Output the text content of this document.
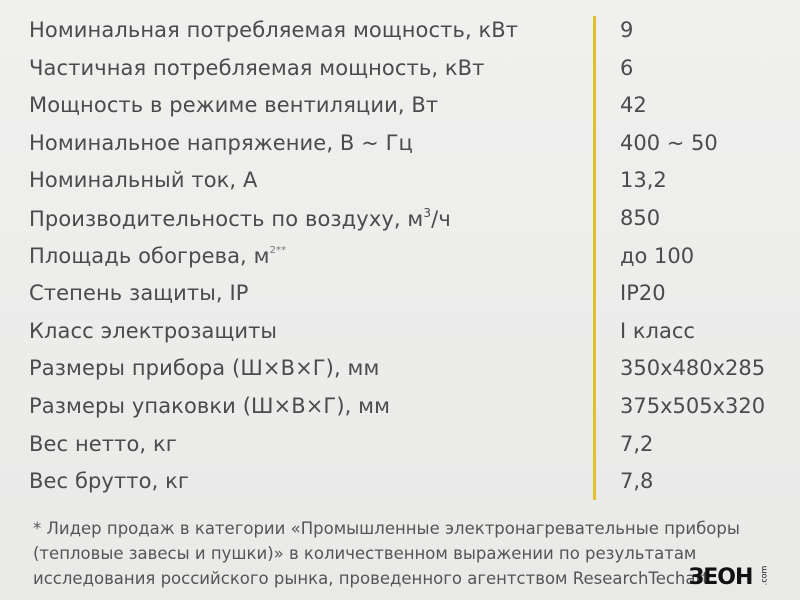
Номинальная потребляемая мощность, кВт	9
Частичная потребляемая мощность, кВт	6
Мощность в режиме вентиляции, Вт	42
Номинальное напряжение, В ~ Гц	400 ~ 50
Номинальный ток, А	13,2
Производительность по воздуху, $м^3/ч$	850
Площадь обогрева, $м^{2**}$	до 100
Степень защиты, IP	IP20
Класс электрозащиты	I класс
Размеры прибора (Ш×В×Г), мм	350х480х285
Размеры упаковки (Ш×В×Г), мм	375х505х320
Вес нетто, кг	7,2
Вес брутто, кг	7,8

* Лидер продаж в категории «Промышленные электронагревательные приборы

(тепловые завесы и пушки)» в количественном выражении по результатам

исследования российского рынка, проведенного агентством ResearchTechart

ЗЕОН .com
